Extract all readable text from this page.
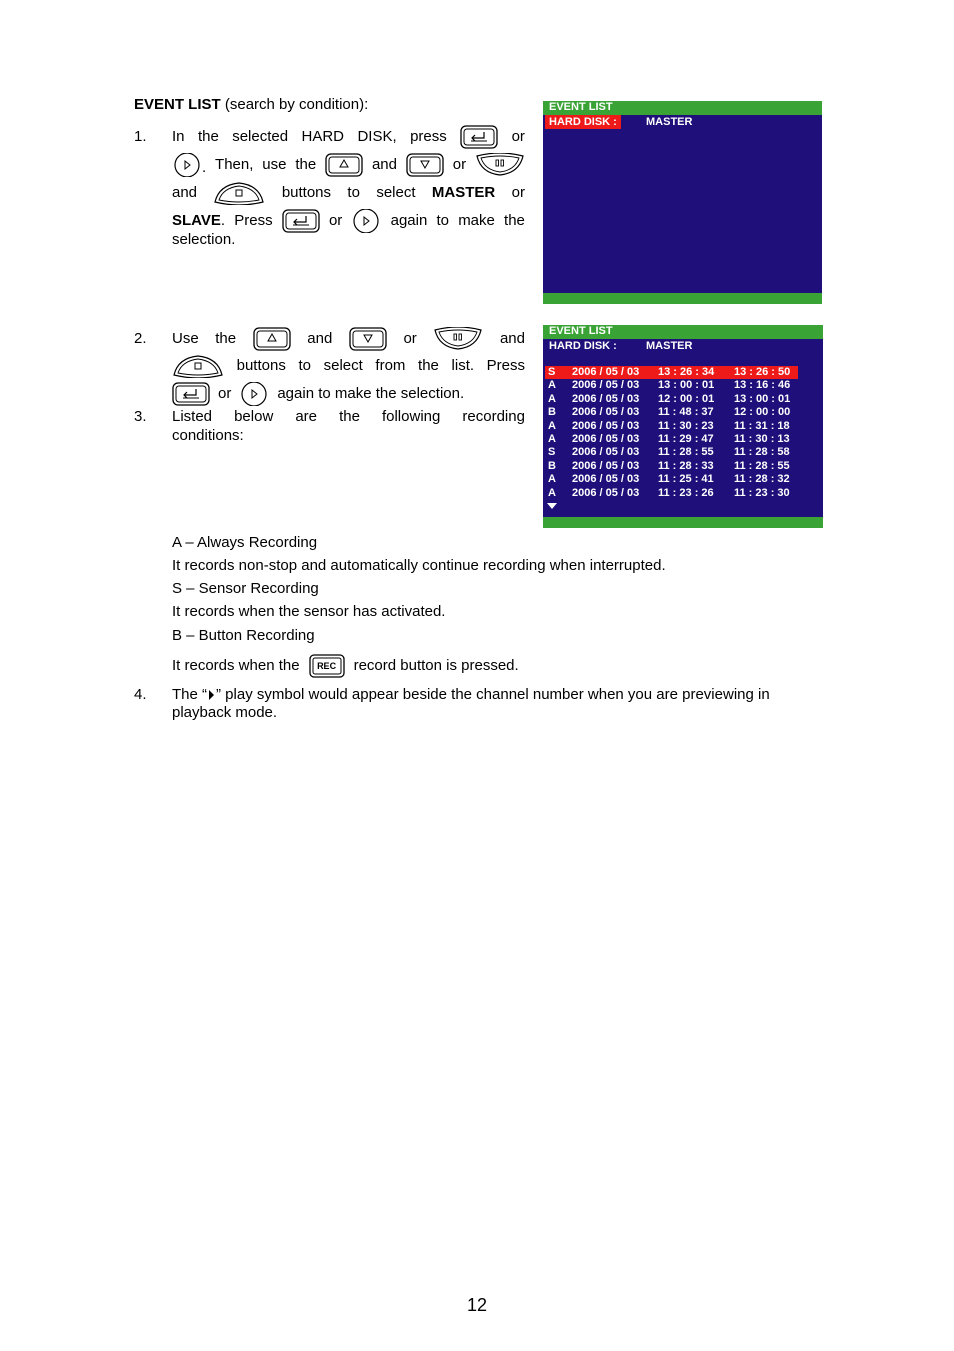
EVENT LIST (search by condition):
1. In the selected HARD DISK, press	or
. Then, use the	and	or
and	buttons to select MASTER or
SLAVE. Press	or	again to make the
selection.
EVENT LIST
HARD DISK :	MASTER
2. Use the	and	or	and
buttons to select from the list. Press
or	again to make the selection.
3. Listed below are the following recording
conditions:
EVENT LIST
HARD DISK :	MASTER
S 2006 / 05 / 03 13 : 26 : 34 13 : 26 : 50
A 2006 / 05 / 03 13 : 00 : 01 13 : 16 : 46
A 2006 / 05 / 03 12 : 00 : 01 13 : 00 : 01
B 2006 / 05 / 03 11 : 48 : 37 12 : 00 : 00
A 2006 / 05 / 03 11 : 30 : 23 11 : 31 : 18
A 2006 / 05 / 03 11 : 29 : 47 11 : 30 : 13
S 2006 / 05 / 03 11 : 28 : 55 11 : 28 : 58
B 2006 / 05 / 03 11 : 28 : 33 11 : 28 : 55
A 2006 / 05 / 03 11 : 25 : 41 11 : 28 : 32
A 2006 / 05 / 03 11 : 23 : 26 11 : 23 : 30
A – Always Recording
It records non-stop and automatically continue recording when interrupted.
S – Sensor Recording
It records when the sensor has activated.
B – Button Recording
It records when the	REC	record button is pressed.
4. The “ ” play symbol would appear beside the channel number when you are previewing in
playback mode.
12
